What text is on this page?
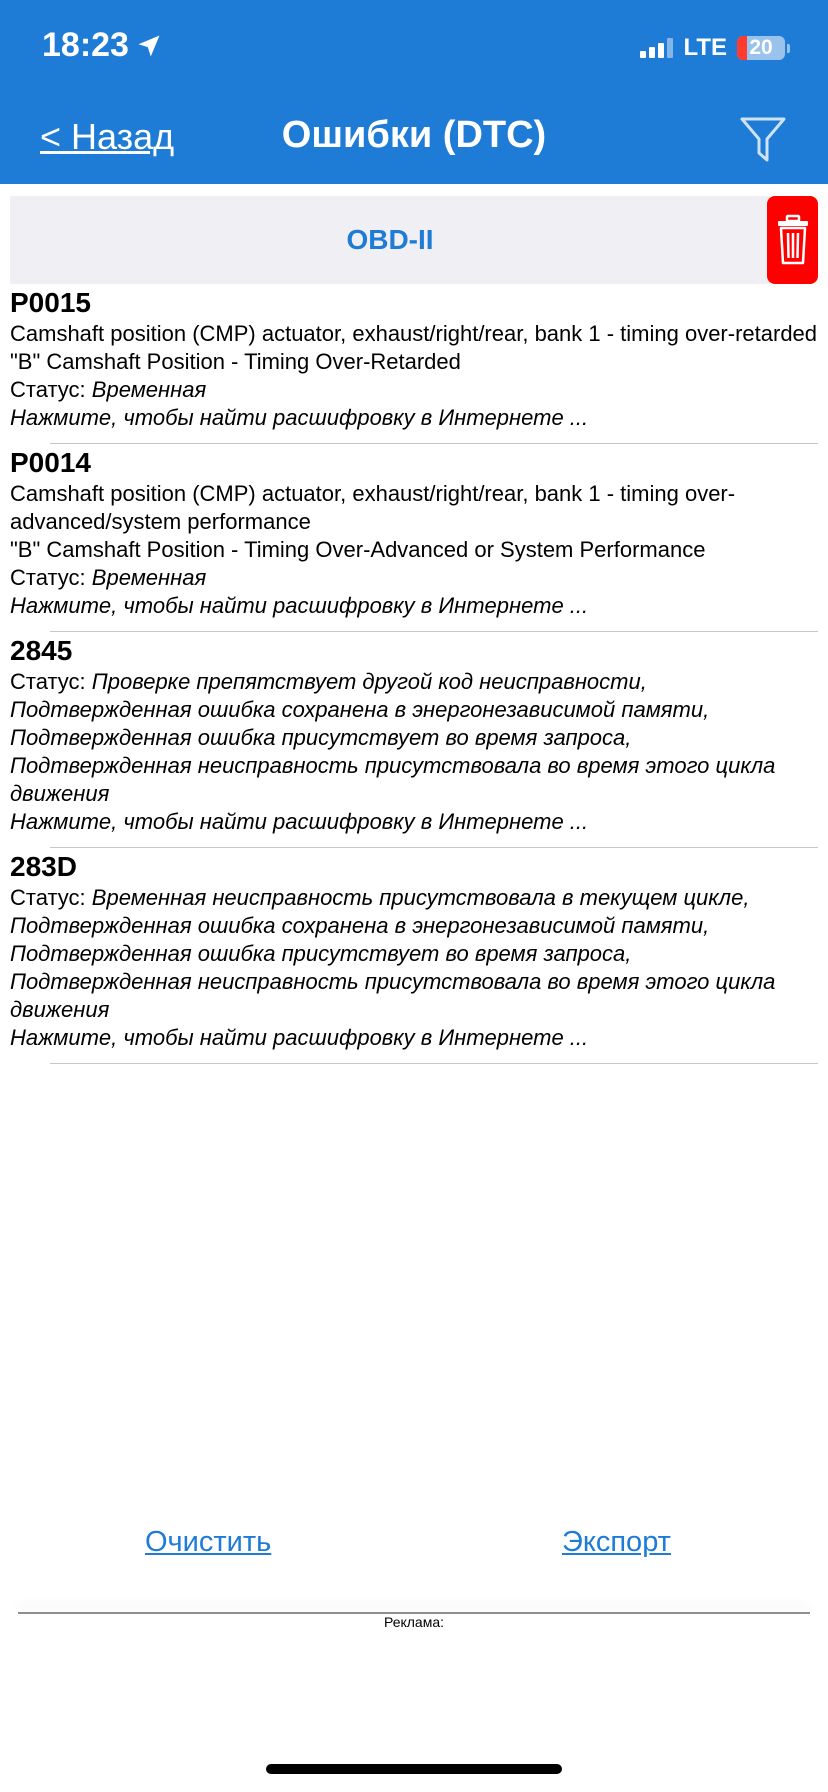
18:23	LTE 20
< Назад	Ошибки (DTC)
OBD-II
P0015
Camshaft position (CMP) actuator, exhaust/right/rear, bank 1 - timing over-retarded
"B" Camshaft Position - Timing Over-Retarded
Статус: Временная
Нажмите, чтобы найти расшифровку в Интернете ...
P0014
Camshaft position (CMP) actuator, exhaust/right/rear, bank 1 - timing over-advanced/system performance
"B" Camshaft Position - Timing Over-Advanced or System Performance
Статус: Временная
Нажмите, чтобы найти расшифровку в Интернете ...
2845
Статус: Проверке препятствует другой код неисправности, Подтвержденная ошибка сохранена в энергонезависимой памяти, Подтвержденная ошибка присутствует во время запроса, Подтвержденная неисправность присутствовала во время этого цикла движения
Нажмите, чтобы найти расшифровку в Интернете ...
283D
Статус: Временная неисправность присутствовала в текущем цикле, Подтвержденная ошибка сохранена в энергонезависимой памяти, Подтвержденная ошибка присутствует во время запроса, Подтвержденная неисправность присутствовала во время этого цикла движения
Нажмите, чтобы найти расшифровку в Интернете ...
Очистить	Экспорт
Реклама:
